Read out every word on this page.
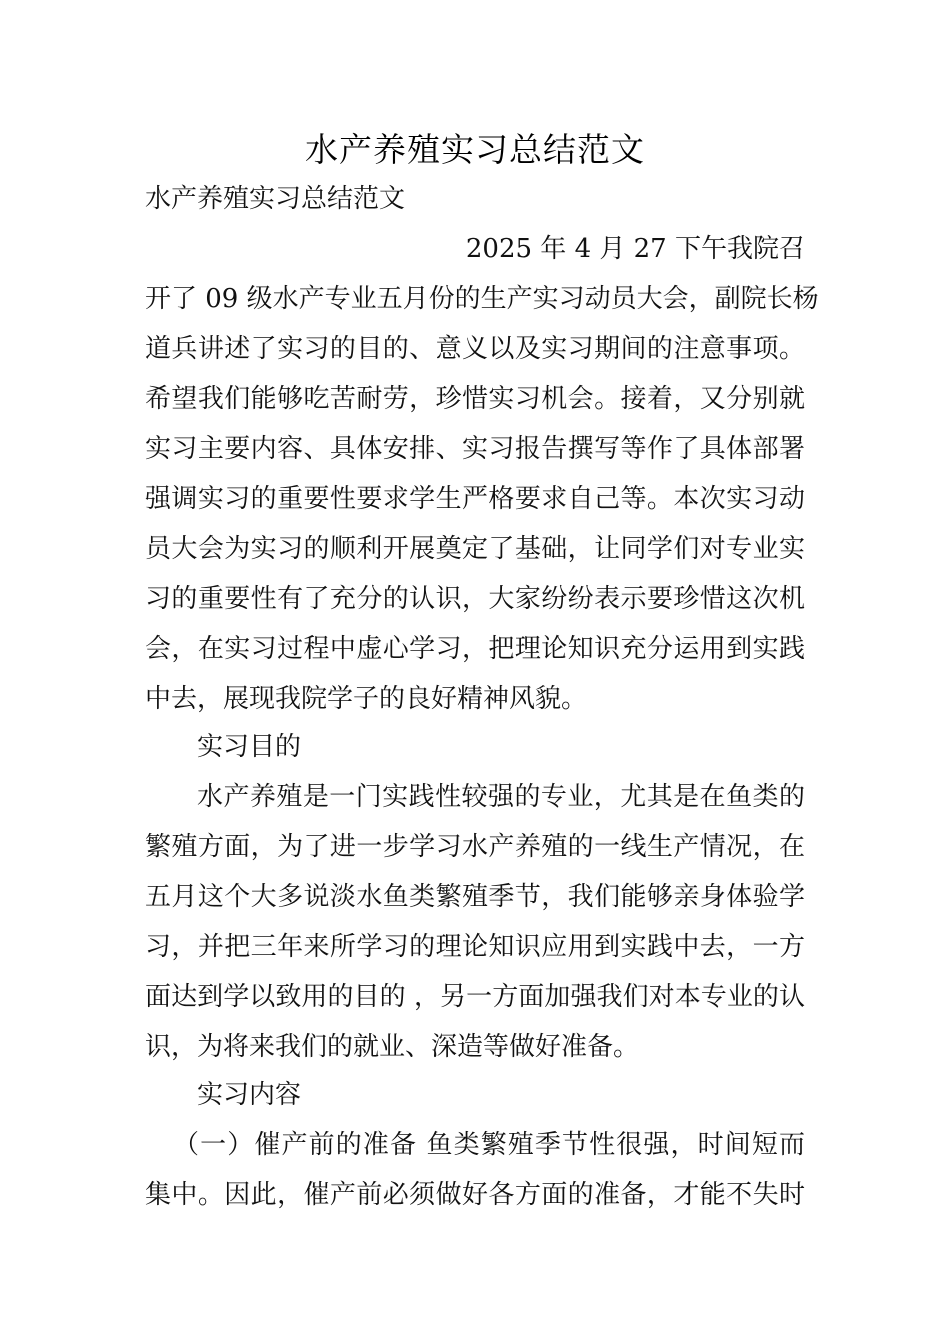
水产养殖实习总结范文

水产养殖实习总结范文

2025 年 4 月 27 下午我院召

开了 09 级水产专业五月份的生产实习动员大会，副院长杨

道兵讲述了实习的目的、意义以及实习期间的注意事项。

希望我们能够吃苦耐劳，珍惜实习机会。接着，又分别就

实习主要内容、具体安排、实习报告撰写等作了具体部署

强调实习的重要性要求学生严格要求自己等。本次实习动

员大会为实习的顺利开展奠定了基础，让同学们对专业实

习的重要性有了充分的认识，大家纷纷表示要珍惜这次机

会，在实习过程中虚心学习，把理论知识充分运用到实践

中去，展现我院学子的良好精神风貌。

实习目的

水产养殖是一门实践性较强的专业，尤其是在鱼类的

繁殖方面，为了进一步学习水产养殖的一线生产情况，在

五月这个大多说淡水鱼类繁殖季节，我们能够亲身体验学

习，并把三年来所学习的理论知识应用到实践中去，一方

面达到学以致用的目的 ，另一方面加强我们对本专业的认

识，为将来我们的就业、深造等做好准备。

实习内容

（一）催产前的准备 鱼类繁殖季节性很强，时间短而

集中。因此，催产前必须做好各方面的准备，才能不失时
